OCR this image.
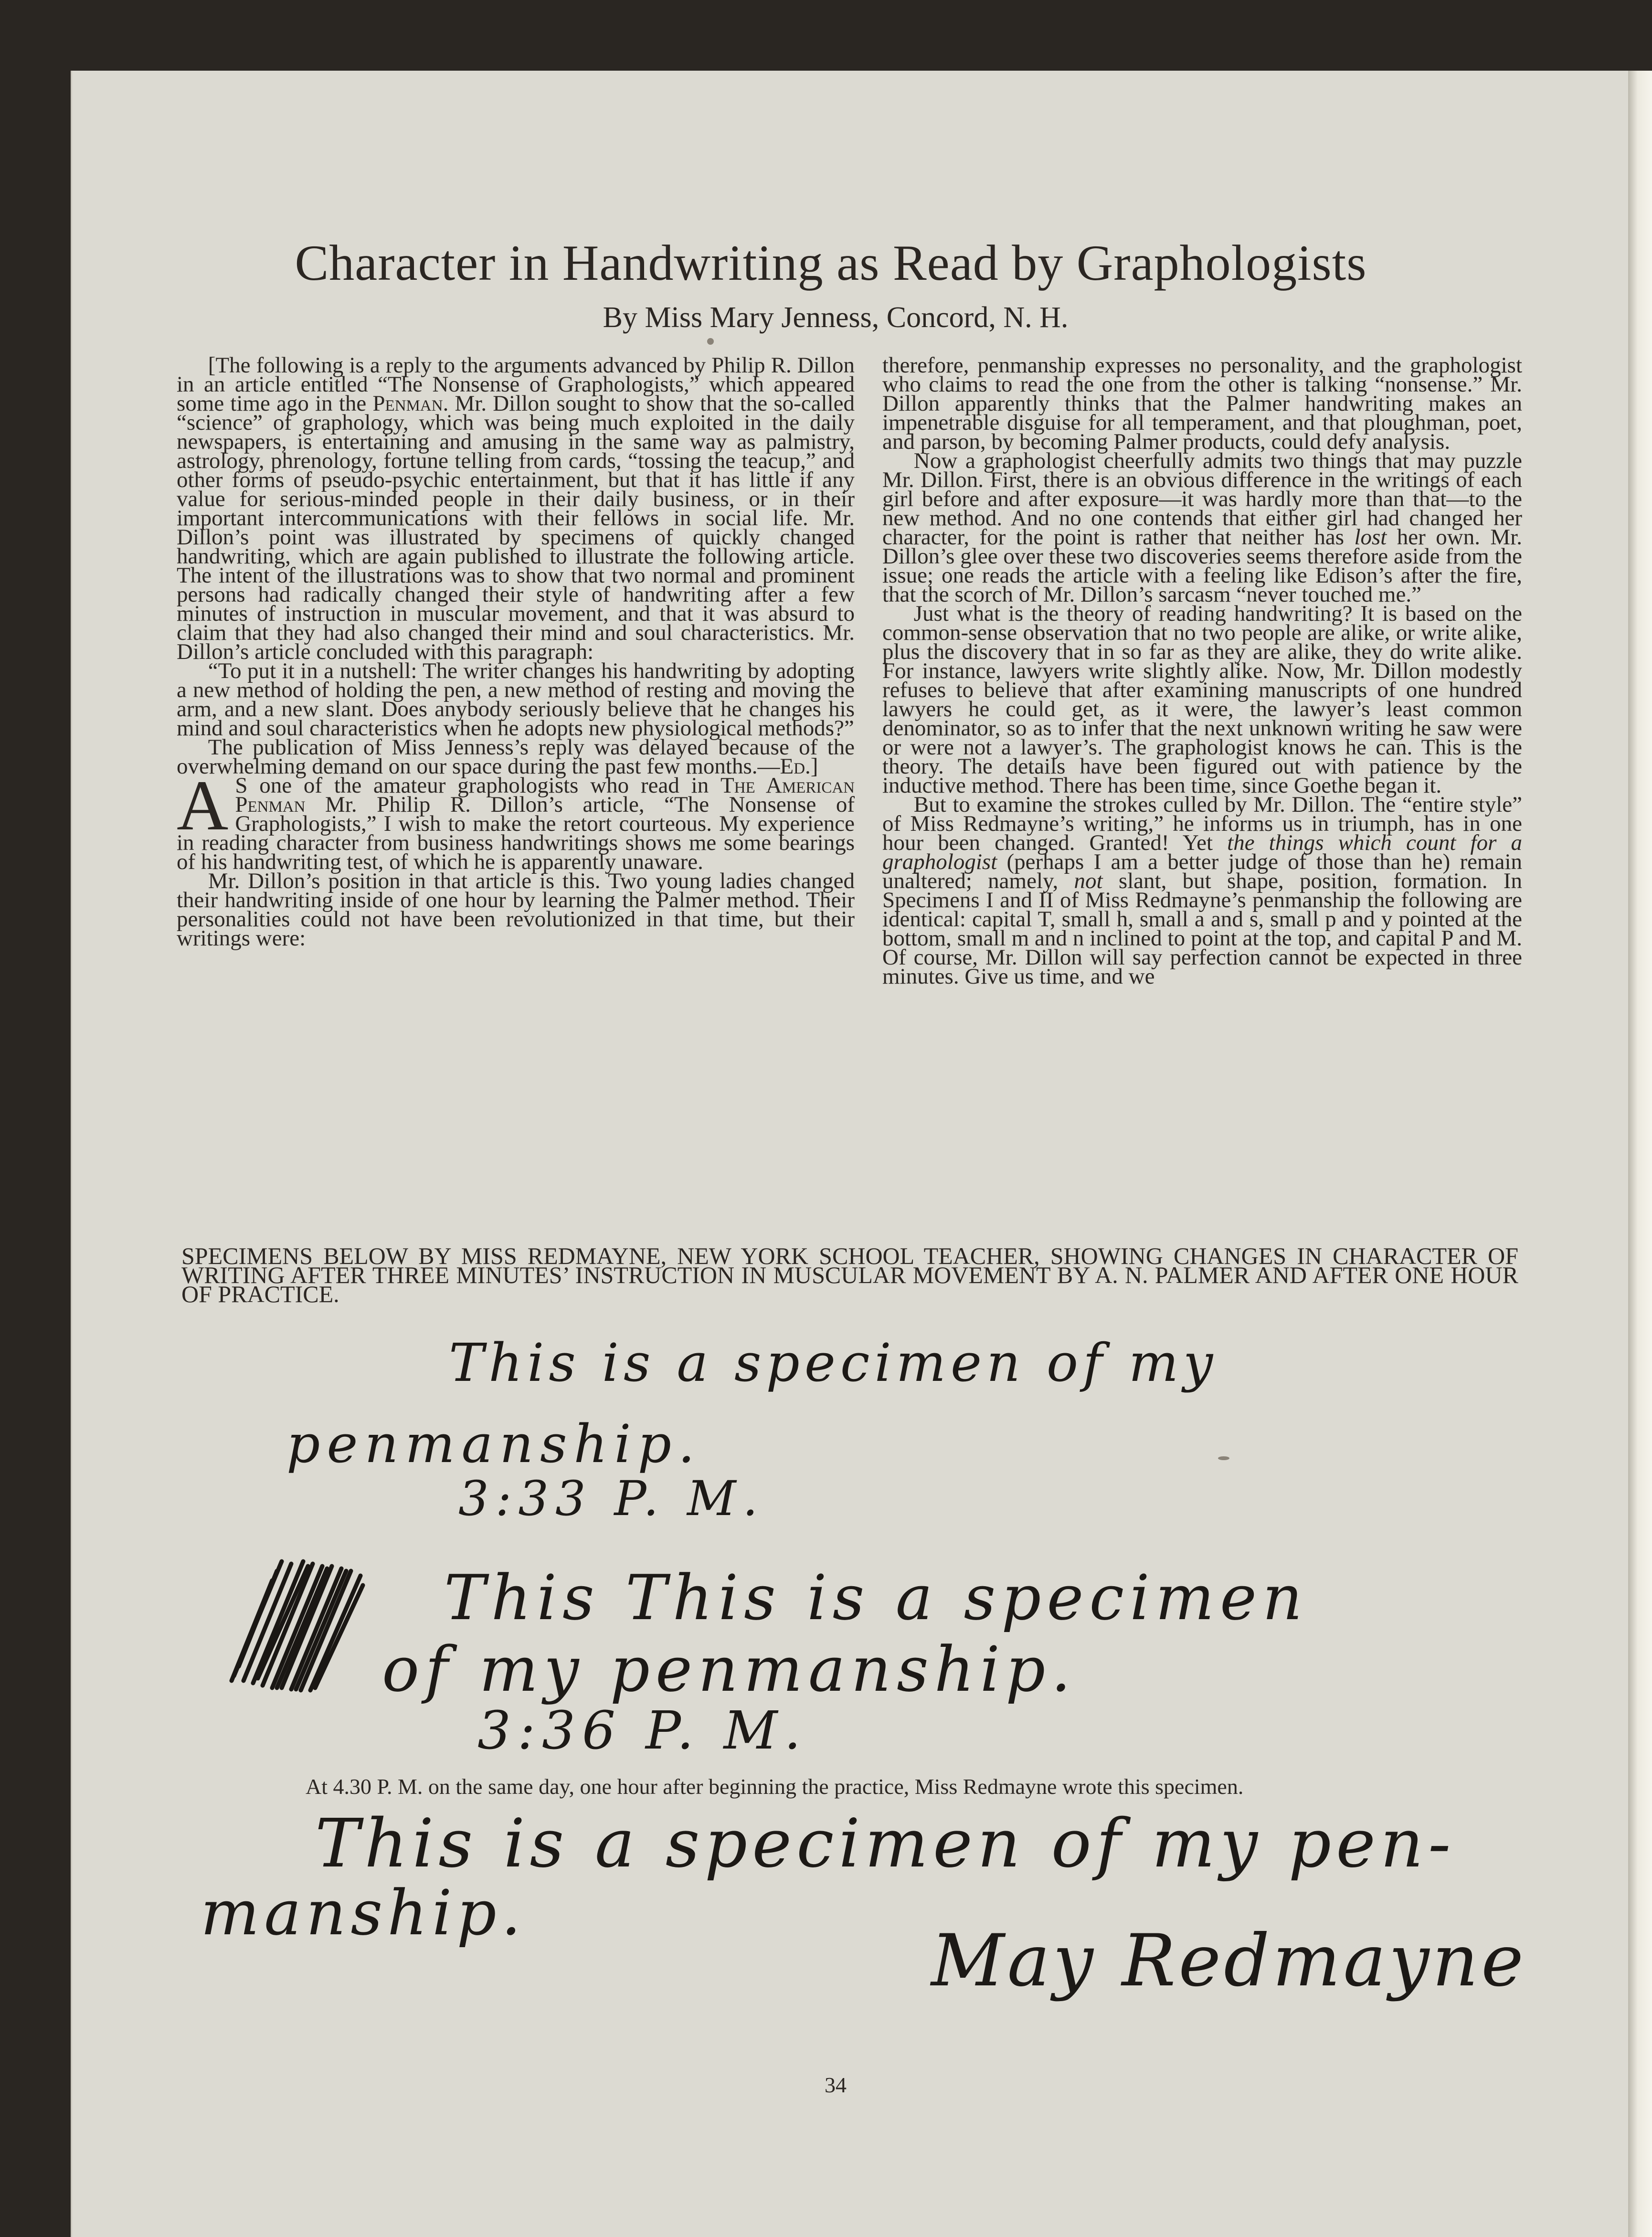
Character in Handwriting as Read by Graphologists

By Miss Mary Jenness, Concord, N. H.

[The following is a reply to the arguments advanced by Philip R. Dillon in an article entitled “The Nonsense of Graphologists,” which appeared some time ago in the Penman. Mr. Dillon sought to show that the so-called “science” of graphology, which was being much exploited in the daily newspapers, is entertaining and amusing in the same way as palmistry, astrology, phrenology, fortune telling from cards, “tossing the teacup,” and other forms of pseudo-psychic entertainment, but that it has little if any value for serious-minded people in their daily business, or in their important intercommunications with their fellows in social life. Mr. Dillon’s point was illustrated by specimens of quickly changed handwriting, which are again published to illustrate the following article. The intent of the illustrations was to show that two normal and prominent persons had radically changed their style of handwriting after a few minutes of instruction in muscular movement, and that it was absurd to claim that they had also changed their mind and soul characteristics. Mr. Dillon’s article concluded with this paragraph:

“To put it in a nutshell: The writer changes his handwriting by adopting a new method of holding the pen, a new method of resting and moving the arm, and a new slant. Does anybody seriously believe that he changes his mind and soul characteristics when he adopts new physiological methods?”

The publication of Miss Jenness’s reply was delayed because of the overwhelming demand on our space during the past few months.—Ed.]

A S one of the amateur graphologists who read in The American Penman Mr. Philip R. Dillon’s article, “The Nonsense of Graphologists,” I wish to make the retort courteous. My experience in reading character from business handwritings shows me some bearings of his handwriting test, of which he is apparently unaware.

Mr. Dillon’s position in that article is this. Two young ladies changed their handwriting inside of one hour by learning the Palmer method. Their personalities could not have been revolutionized in that time, but their writings were:

therefore, penmanship expresses no personality, and the graphologist who claims to read the one from the other is talking “nonsense.” Mr. Dillon apparently thinks that the Palmer handwriting makes an impenetrable disguise for all temperament, and that ploughman, poet, and parson, by becoming Palmer products, could defy analysis.

Now a graphologist cheerfully admits two things that may puzzle Mr. Dillon. First, there is an obvious difference in the writings of each girl before and after exposure—it was hardly more than that—to the new method. And no one contends that either girl had changed her character, for the point is rather that neither has lost her own. Mr. Dillon’s glee over these two discoveries seems therefore aside from the issue; one reads the article with a feeling like Edison’s after the fire, that the scorch of Mr. Dillon’s sarcasm “never touched me.”

Just what is the theory of reading handwriting? It is based on the common-sense observation that no two people are alike, or write alike, plus the discovery that in so far as they are alike, they do write alike. For instance, lawyers write slightly alike. Now, Mr. Dillon modestly refuses to believe that after examining manuscripts of one hundred lawyers he could get, as it were, the lawyer’s least common denominator, so as to infer that the next unknown writing he saw were or were not a lawyer’s. The graphologist knows he can. This is the theory. The details have been figured out with patience by the inductive method. There has been time, since Goethe began it.

But to examine the strokes culled by Mr. Dillon. The “entire style” of Miss Redmayne’s writing,” he informs us in triumph, has in one hour been changed. Granted! Yet the things which count for a graphologist (perhaps I am a better judge of those than he) remain unaltered; namely, not slant, but shape, position, formation. In Specimens I and II of Miss Redmayne’s penmanship the following are identical: capital T, small h, small a and s, small p and y pointed at the bottom, small m and n inclined to point at the top, and capital P and M. Of course, Mr. Dillon will say perfection cannot be expected in three minutes. Give us time, and we

SPECIMENS BELOW BY MISS REDMAYNE, NEW YORK SCHOOL TEACHER, SHOWING CHANGES IN CHARACTER OF WRITING AFTER THREE MINUTES’ INSTRUCTION IN MUSCULAR MOVEMENT BY A. N. PALMER AND AFTER ONE HOUR OF PRACTICE.

This is a specimen of my
penmanship.
3:33 P. M.
This This is a specimen
of my penmanship.
3:36 P. M.

At 4.30 P. M. on the same day, one hour after beginning the practice, Miss Redmayne wrote this specimen.

This is a specimen of my pen-
manship.
May Redmayne

34
